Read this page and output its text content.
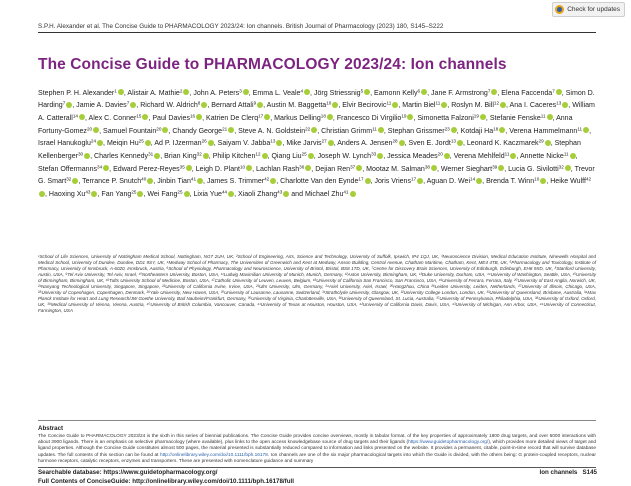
Check for updates
S.P.H. Alexander et al. The Concise Guide to PHARMACOLOGY 2023/24: Ion channels. British Journal of Pharmacology (2023) 180, S145–S222
The Concise Guide to PHARMACOLOGY 2023/24: Ion channels
Stephen P. H. Alexander$^1$ , Alistair A. Mathie$^2$ , John A. Peters$^3$ , Emma L. Veale$^4$ , Jörg Striessnig$^5$ , Eamonn Kelly$^6$ , Jane F. Armstrong$^7$ , Elena Faccenda$^7$ , Simon D. Harding$^7$ , Jamie A. Davies$^7$ , Richard W. Aldrich$^8$ , Bernard Attali$^9$ , Austin M. Baggetta$^{10}$ , Elvir Becirovic$^{11}$ , Martin Biel$^{11}$ , Roslyn M. Bill$^{12}$ , Ana I. Caceres$^{13}$ , William A. Catterall$^{14}$ , Alex C. Conner$^{15}$ , Paul Davies$^{16}$ , Katrien De Clerq$^{17}$ , Markus Delling$^{18}$ , Francesco Di Virgilio$^{19}$ , Simonetta Falzoni$^{19}$ , Stefanie Fenske$^{11}$ , Anna Fortuny-Gomez$^{20}$ , Samuel Fountain$^{20}$ , Chandy George$^{21}$ , Steve A. N. Goldstein$^{22}$ , Christian Grimm$^{11}$ , Stephan Grissmer$^{23}$ , Kotdaji Ha$^{18}$ , Verena Hammelmann$^{11}$ , Israel Hanukoglu$^{24}$ , Meiqin Hu$^{25}$ , Ad P. IJzerman$^{26}$ , Saiyam V. Jabba$^{13}$ , Mike Jarvis$^{27}$ , Anders A. Jensen$^{28}$ , Sven E. Jordt$^{13}$ , Leonard K. Kaczmarek$^{29}$ , Stephan Kellenberger$^{30}$ , Charles Kennedy$^{31}$ , Brian King$^{32}$ , Philip Kitchen$^{12}$ , Qiang Liu$^{25}$ , Joseph W. Lynch$^{33}$ , Jessica Meades$^{20}$ , Verena Mehlfeld$^{11}$ , Annette Nicke$^{11}$ , Stefan Offermanns$^{34}$ , Edward Perez-Reyes$^{35}$ , Leigh D. Plant$^{10}$ , Lachlan Rash$^{36}$ , Dejian Ren$^{37}$ , Mootaz M. Salman$^{38}$ , Werner Sieghart$^{39}$ , Lucia G. Sivilotti$^{32}$ , Trevor G. Smart$^{32}$ , Terrance P. Snutch$^{40}$ , Jinbin Tian$^{41}$ , James S. Trimmer$^{42}$ , Charlotte Van den Eynde$^{17}$ , Joris Vriens$^{17}$ , Aguan D. Wei$^{14}$ , Brenda T. Winn$^{10}$ , Heike Wulff$^{42}$, Haoxing Xu$^{43}$ , Fan Yang$^{25}$ , Wei Fang$^{25}$ , Lixia Yue$^{44}$ , Xiaoli Zhang$^{43}$ and Michael Zhu$^{41}$
¹School of Life Sciences, University of Nottingham Medical School, Nottingham, NG7 2UH, UK, ²School of Engineering, Arts, Science and Technology, University of Suffolk, Ipswich, IP4 1QJ, UK, ³Neuroscience Division, Medical Education Institute, Ninewells Hospital and Medical School, University of Dundee, Dundee, DD1 9SY, UK, ⁴Medway School of Pharmacy, The Universities of Greenwich and Kent at Medway, Anson Building, Central Avenue, Chatham Maritime, Chatham, Kent, ME4 4TB, UK, ⁵Pharmacology and Toxicology, Institute of Pharmacy, University of Innsbruck, A-6020, Innsbruck, Austria, ⁶School of Physiology, Pharmacology and Neuroscience, University of Bristol, Bristol, BS8 1TD, UK, ⁷Centre for Discovery Brain Sciences, University of Edinburgh, Edinburgh, EH8 9XD, UK, ⁸Stanford University, Austin, USA, ⁹Tel Aviv University, Tel Aviv, Israel, ¹⁰Northeastern University, Boston, USA, ¹¹Ludwig Maximilian University of Munich, Munich, Germany, ¹²Aston University, Birmingham, UK, ¹³Duke University, Durham, USA, ¹⁴University of Washington, Seattle, USA, ¹⁵University of Birmingham, Birmingham, UK, ¹⁶Tufts University School of Medicine, Boston, USA, ¹⁷Catholic University of Leuven, Leuven, Belgium, ¹⁸University of California San Francisco, San Francisco, USA, ¹⁹University of Ferrara, Ferrara, Italy, ²⁰University of East Anglia, Norwich, UK, ²¹Nanyang Technological University, Singapore, Singapore, ²²University of California Irvine, Irvine, USA, ²³Ulm University, Ulm, Germany, ²⁴Ariel University, Ariel, Israel, ²⁵Hangzhou, China ²⁶Leiden University, Leiden, Netherlands, ²⁷University of Illinois, Chicago, USA, ²⁸University of Copenhagen, Copenhagen, Denmark, ²⁹Yale University, New Haven, USA, ³⁰University of Lausanne, Lausanne, Switzerland, ³¹Strathclyde University, Glasgow, UK, ³²University College London, London, UK, ³³University of Queensland, Brisbane, Australia, ³⁴Max Planck Institute for Heart and Lung Research/JW Goethe University, Bad Nauheim/Frankfurt, Germany, ³⁵University of Virginia, Charlottesville, USA, ³⁶University of Queensland, St. Lucia, Australia, ³⁷University of Pennsylvania, Philadelphia, USA, ³⁸University of Oxford, Oxford, UK, ³⁹Medical University of Vienna, Vienna, Austria, ⁴⁰University of British Columbia, Vancouver, Canada, ⁴¹University of Texas at Houston, Houston, USA, ⁴²University of California Davis, Davis, USA, ⁴³University of Michigan, Ann Arbor, USA, ⁴⁴University of Connecticut, Farmington, USA
Abstract
The Concise Guide to PHARMACOLOGY 2023/24 is the sixth in this series of biennial publications. The Concise Guide provides concise overviews, mostly in tabular format, of the key properties of approximately 1800 drug targets, and over 6000 interactions with about 3900 ligands. There is an emphasis on selective pharmacology (where available), plus links to the open access knowledgebase source of drug targets and their ligands (https://www.guidetopharmacology.org/), which provides more detailed views of target and ligand properties. Although the Concise Guide constitutes almost 500 pages, the material presented is substantially reduced compared to information and links presented on the website. It provides a permanent, citable, point-in-time record that will survive database updates. The full contents of this section can be found at http://onlinelibrary.wiley.com/doi/10.1111/bph.16178. Ion channels are one of the six major pharmacological targets into which the Guide is divided, with the others being: G protein-coupled receptors, nuclear hormone receptors, catalytic receptors, enzymes and transporters. These are presented with nomenclature guidance and summary
Searchable database: https://www.guidetopharmacology.org/
Full Contents of ConciseGuide: http://onlinelibrary.wiley.com/doi/10.1111/bph.16178/full
Ion channels S145
